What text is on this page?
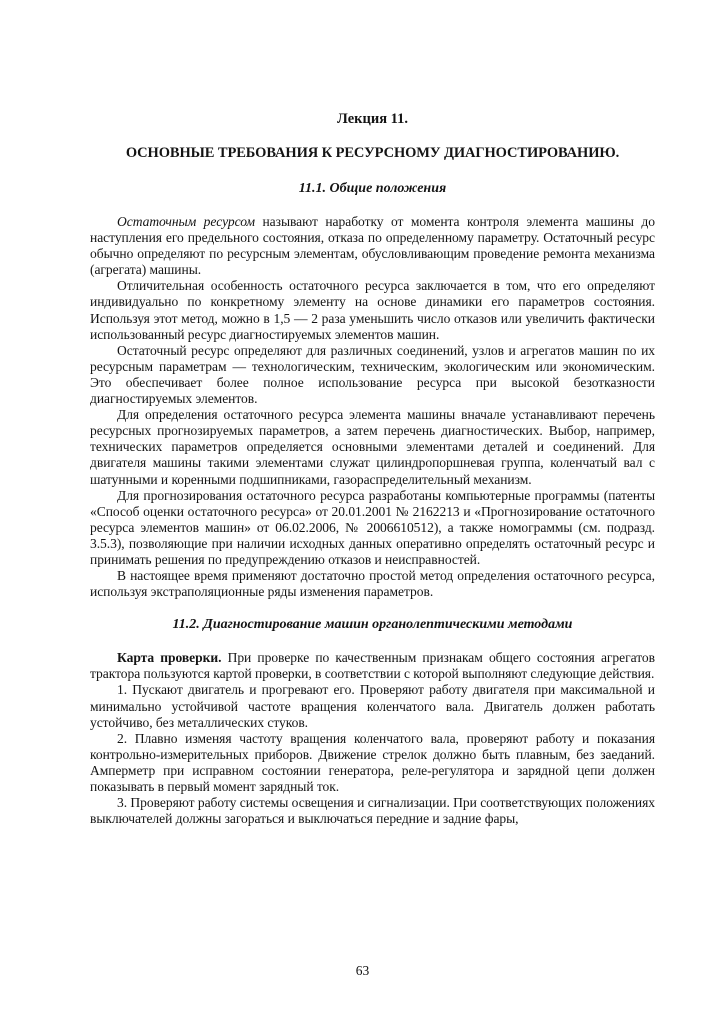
Лекция 11.
ОСНОВНЫЕ ТРЕБОВАНИЯ К РЕСУРСНОМУ ДИАГНОСТИРОВАНИЮ.
11.1. Общие положения

Остаточным ресурсом называют наработку от момента контроля элемента машины до наступления его предельного состояния, отказа по определенному параметру. Остаточный ресурс обычно определяют по ресурсным элементам, обусловливающим проведение ремонта механизма (агрегата) машины.

Отличительная особенность остаточного ресурса заключается в том, что его определяют индивидуально по конкретному элементу на основе динамики его параметров состояния. Используя этот метод, можно в 1,5 — 2 раза уменьшить число отказов или увеличить фактически использованный ресурс диагностируемых элементов машин.

Остаточный ресурс определяют для различных соединений, узлов и агрегатов машин по их ресурсным параметрам — технологическим, техническим, экологическим или экономическим. Это обеспечивает более полное использование ресурса при высокой безотказности диагностируемых элементов.

Для определения остаточного ресурса элемента машины вначале устанавливают перечень ресурсных прогнозируемых параметров, а затем перечень диагностических. Выбор, например, технических параметров определяется основными элементами деталей и соединений. Для двигателя машины такими элементами служат цилиндропоршневая группа, коленчатый вал с шатунными и коренными подшипниками, газораспределительный механизм.

Для прогнозирования остаточного ресурса разработаны компьютерные программы (патенты «Способ оценки остаточного ресурса» от 20.01.2001 № 2162213 и «Прогнозирование остаточного ресурса элементов машин» от 06.02.2006, № 2006610512), а также номограммы (см. подразд. 3.5.3), позволяющие при наличии исходных данных оперативно определять остаточный ресурс и принимать решения по предупреждению отказов и неисправностей.

В настоящее время применяют достаточно простой метод определения остаточного ресурса, используя экстраполяционные ряды изменения параметров.

11.2. Диагностирование машин органолептическими методами

Карта проверки. При проверке по качественным признакам общего состояния агрегатов трактора пользуются картой проверки, в соответствии с которой выполняют следующие действия.

1. Пускают двигатель и прогревают его. Проверяют работу двигателя при максимальной и минимально устойчивой частоте вращения коленчатого вала. Двигатель должен работать устойчиво, без металлических стуков.

2. Плавно изменяя частоту вращения коленчатого вала, проверяют работу и показания контрольно-измерительных приборов. Движение стрелок должно быть плавным, без заеданий. Амперметр при исправном состоянии генератора, реле-регулятора и зарядной цепи должен показывать в первый момент зарядный ток.

3. Проверяют работу системы освещения и сигнализации. При соответствующих положениях выключателей должны загораться и выключаться передние и задние фары,

63
